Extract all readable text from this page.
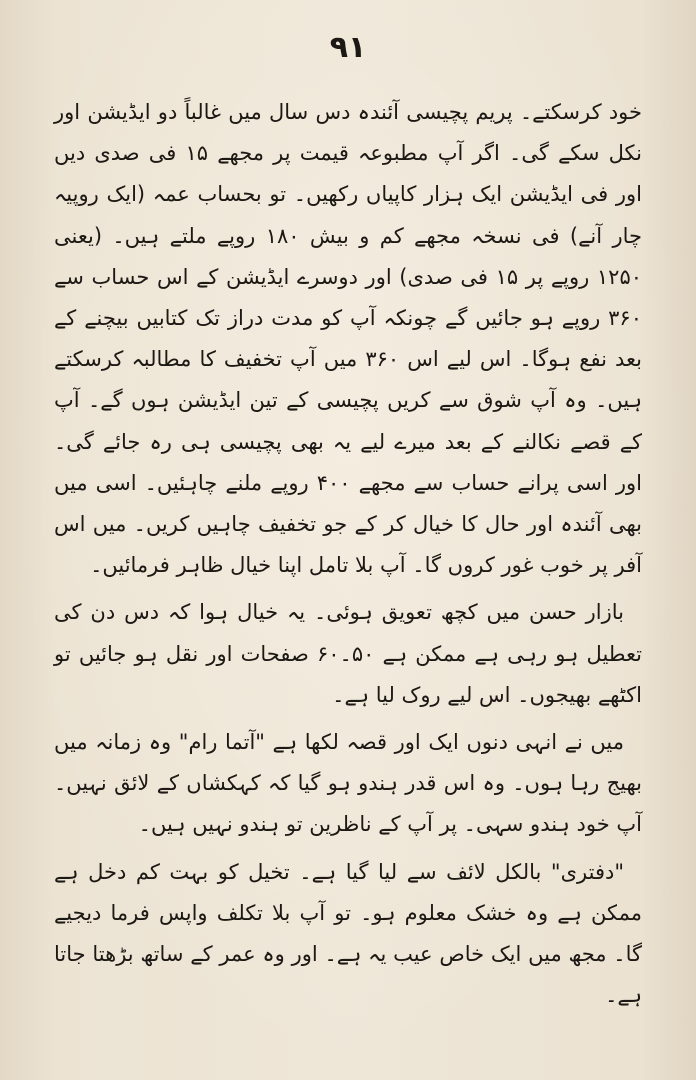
۹۱

خود کرسکتے۔ پریم پچیسی آئندہ دس سال میں غالباً دو ایڈیشن اور نکل سکے گی۔ اگر آپ مطبوعہ قیمت پر مجھے ۱۵ فی صدی دیں اور فی ایڈیشن ایک ہزار کاپیاں رکھیں۔ تو بحساب عمہ (ایک روپیہ چار آنے) فی نسخہ مجھے کم و بیش ۱۸۰ روپے ملتے ہیں۔ (یعنی ۱۲۵۰ روپے پر ۱۵ فی صدی) اور دوسرے ایڈیشن کے اس حساب سے ۳۶۰ روپے ہو جائیں گے چونکہ آپ کو مدت دراز تک کتابیں بیچنے کے بعد نفع ہوگا۔ اس لیے اس ۳۶۰ میں آپ تخفیف کا مطالبہ کرسکتے ہیں۔ وہ آپ شوق سے کریں پچیسی کے تین ایڈیشن ہوں گے۔ آپ کے قصے نکالنے کے بعد میرے لیے یہ بھی پچیسی ہی رہ جائے گی۔ اور اسی پرانے حساب سے مجھے ۴۰۰ روپے ملنے چاہئیں۔ اسی میں بھی آئندہ اور حال کا خیال کر کے جو تخفیف چاہیں کریں۔ میں اس آفر پر خوب غور کروں گا۔ آپ بلا تامل اپنا خیال ظاہر فرمائیں۔

بازار حسن میں کچھ تعویق ہوئی۔ یہ خیال ہوا کہ دس دن کی تعطیل ہو رہی ہے ممکن ہے ۵۰۔۶۰ صفحات اور نقل ہو جائیں تو اکٹھے بھیجوں۔ اس لیے روک لیا ہے۔

میں نے انہی دنوں ایک اور قصہ لکھا ہے "آتما رام" وہ زمانہ میں بھیج رہا ہوں۔ وہ اس قدر ہندو ہو گیا کہ کہکشاں کے لائق نہیں۔ آپ خود ہندو سہی۔ پر آپ کے ناظرین تو ہندو نہیں ہیں۔

"دفتری" بالکل لائف سے لیا گیا ہے۔ تخیل کو بہت کم دخل ہے ممکن ہے وہ خشک معلوم ہو۔ تو آپ بلا تکلف واپس فرما دیجیے گا۔ مجھ میں ایک خاص عیب یہ ہے۔ اور وہ عمر کے ساتھ بڑھتا جاتا ہے۔
